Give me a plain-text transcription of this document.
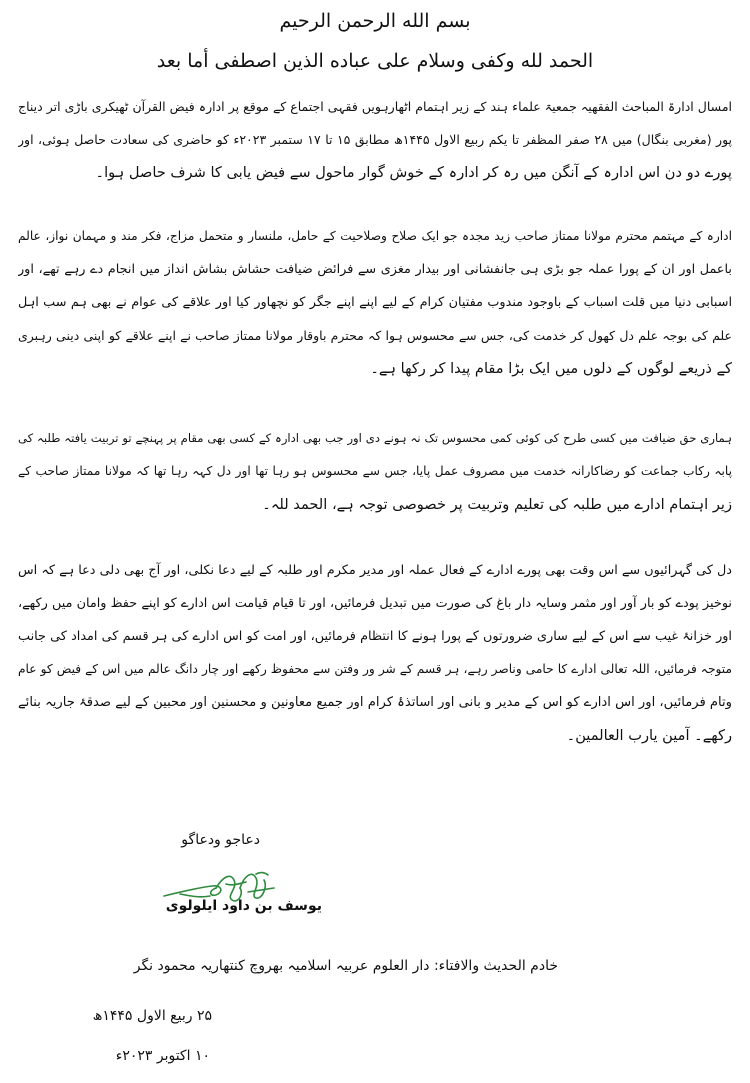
بسم الله الرحمن الرحيم
الحمد لله وكفى وسلام على عباده الذين اصطفى أما بعد
امسال ادارۃ المباحث الفقهیہ جمعیۃ علماء ہند کے زیر اہتمام اٹھارہویں فقہی اجتماع کے موقع پر ادارہ فیض القرآن ٹھیکری باڑی اتر دیناج
پور (مغربی بنگال) میں ۲۸ صفر المظفر تا یکم ربیع الاول ۱۴۴۵ھ مطابق ۱۵ تا ۱۷ ستمبر ۲۰۲۳ء کو حاضری کی سعادت حاصل ہوئی، اور
پورے دو دن اس ادارہ کے آنگن میں رہ کر ادارہ کے خوش گوار ماحول سے فیض یابی کا شرف حاصل ہوا۔
ادارہ کے مہتمم محترم مولانا ممتاز صاحب زید مجدہ جو ایک صلاح وصلاحیت کے حامل، ملنسار و متحمل مزاج، فکر مند و مہمان نواز، عالم
باعمل اور ان کے پورا عملہ جو بڑی ہی جانفشانی اور بیدار مغزی سے فرائض ضیافت حشاش بشاش انداز میں انجام دے رہے تھے، اور
اسبابی دنیا میں قلت اسباب کے باوجود مندوب مفتیان کرام کے لیے اپنے اپنے جگر کو نچھاور کیا اور علاقے کی عوام نے بھی ہم سب اہل
علم کی بوجہ علم دل کھول کر خدمت کی، جس سے محسوس ہوا کہ محترم باوقار مولانا ممتاز صاحب نے اپنے علاقے کو اپنی دینی رہبری
کے ذریعے لوگوں کے دلوں میں ایک بڑا مقام پیدا کر رکھا ہے۔
ہماری حق ضیافت میں کسی طرح کی کوئی کمی محسوس تک نہ ہونے دی اور جب بھی ادارہ کے کسی بھی مقام پر پہنچے تو تربیت یافتہ طلبہ کی
پابہ رکاب جماعت کو رضاکارانہ خدمت میں مصروف عمل پایا، جس سے محسوس ہو رہا تھا اور دل کہہ رہا تھا کہ مولانا ممتاز صاحب کے
زیر اہتمام ادارے میں طلبہ کی تعلیم وتربیت پر خصوصی توجہ ہے، الحمد للہ۔
دل کی گہرائیوں سے اس وقت بھی پورے ادارے کے فعال عملہ اور مدیر مکرم اور طلبہ کے لیے دعا نکلی، اور آج بھی دلی دعا ہے کہ اس
نوخیز پودے کو بار آور اور مثمر وسایہ دار باغ کی صورت میں تبدیل فرمائیں، اور تا قیام قیامت اس ادارے کو اپنے حفظ وامان میں رکھے،
اور خزانۂ غیب سے اس کے لیے ساری ضرورتوں کے پورا ہونے کا انتظام فرمائیں، اور امت کو اس ادارے کی ہر قسم کی امداد کی جانب
متوجہ فرمائیں، اللہ تعالی ادارے کا حامی وناصر رہے، ہر قسم کے شر ور وفتن سے محفوظ رکھے اور چار دانگ عالم میں اس کے فیض کو عام
وتام فرمائیں، اور اس ادارے کو اس کے مدیر و بانی اور اساتذۂ کرام اور جمیع معاونین و محسنین اور محبین کے لیے صدقۂ جاریہ بنائے
رکھے۔ آمین یارب العالمین۔
دعاجو ودعاگو
یوسف بن داود ایلولوی
خادم الحدیث والافتاء: دار العلوم عربیہ اسلامیہ بھروچ کنتھاریہ محمود نگر
۲۵ ربیع الاول ۱۴۴۵ھ
۱۰ اکتوبر ۲۰۲۳ء
